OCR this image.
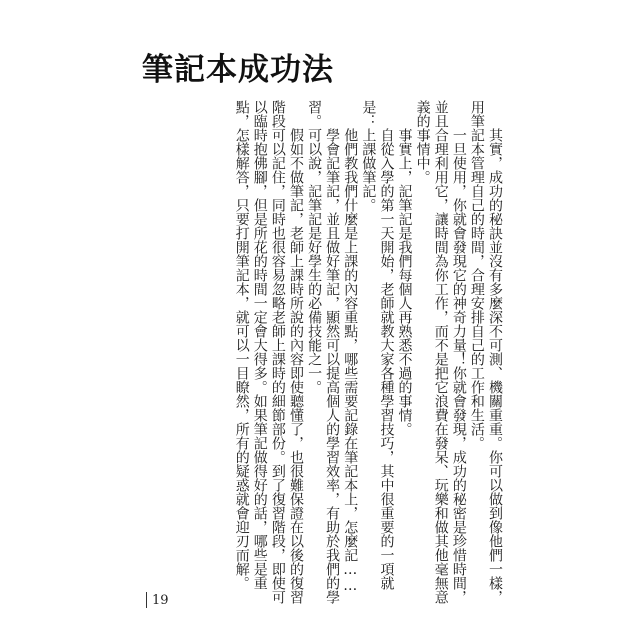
筆記本成功法

其實，成功的秘訣並沒有多麼深不可測、機關重重。你可以做到像他們一樣，用筆記本管理自己的時間，合理安排自己的工作和生活。

一旦使用，你就會發現它的神奇力量！你就會發現，成功的秘密是珍惜時間，並且合理利用它，讓時間為你工作，而不是把它浪費在發呆、玩樂和做其他毫無意義的事情中。

事實上，記筆記是我們每個人再熟悉不過的事情。

自從入學的第一天開始，老師就教大家各種學習技巧，其中很重要的一項就是：上課做筆記。

他們教我們什麼是上課的內容重點，哪些需要記錄在筆記本上，怎麼記……

學會記筆記，並且做好筆記，顯然可以提高個人的學習效率，有助於我們的學習。可以說，記筆記是好學生的必備技能之一。

假如不做筆記，老師上課時所說的內容即使聽懂了，也很難保證在以後的復習階段可以記住，同時也很容易忽略老師上課時的細節部份。到了復習階段，即使可以臨時抱佛腳，但是所花的時間一定會大得多。如果筆記做得好的話，哪些是重點，怎樣解答，只要打開筆記本，就可以一目瞭然，所有的疑惑就會迎刃而解。

19
